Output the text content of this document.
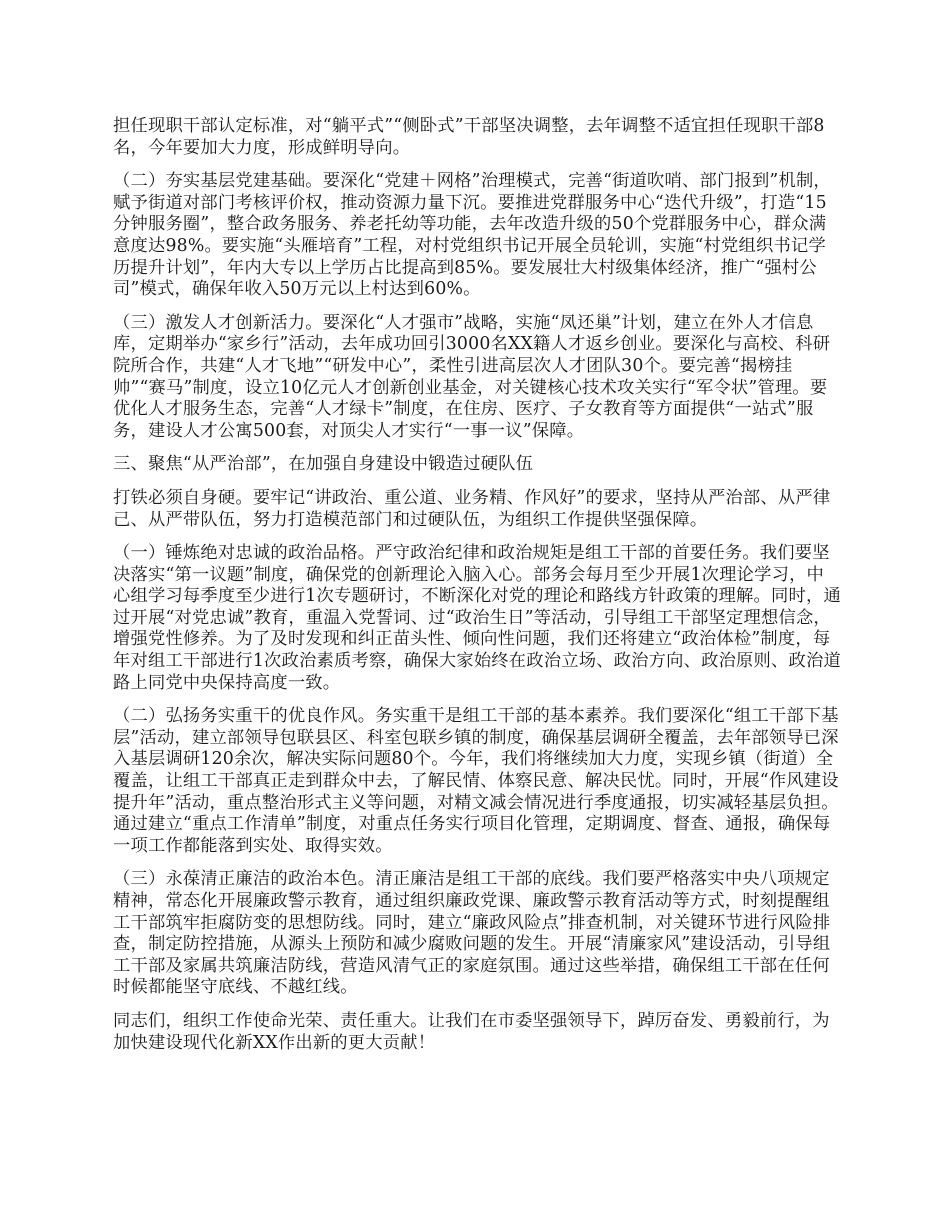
担任现职干部认定标准，对“躺平式”“侧卧式”干部坚决调整，去年调整不适宜担任现职干部8名，今年要加大力度，形成鲜明导向。

（二）夯实基层党建基础。要深化“党建＋网格”治理模式，完善“街道吹哨、部门报到”机制，赋予街道对部门考核评价权，推动资源力量下沉。要推进党群服务中心“迭代升级”，打造“15分钟服务圈”，整合政务服务、养老托幼等功能，去年改造升级的50个党群服务中心，群众满意度达98%。要实施“头雁培育”工程，对村党组织书记开展全员轮训，实施“村党组织书记学历提升计划”，年内大专以上学历占比提高到85%。要发展壮大村级集体经济，推广“强村公司”模式，确保年收入50万元以上村达到60%。

（三）激发人才创新活力。要深化“人才强市”战略，实施“凤还巢”计划，建立在外人才信息库，定期举办“家乡行”活动，去年成功回引3000名XX籍人才返乡创业。要深化与高校、科研院所合作，共建“人才飞地”“研发中心”，柔性引进高层次人才团队30个。要完善“揭榜挂帅”“赛马”制度，设立10亿元人才创新创业基金，对关键核心技术攻关实行“军令状”管理。要优化人才服务生态，完善“人才绿卡”制度，在住房、医疗、子女教育等方面提供“一站式”服务，建设人才公寓500套，对顶尖人才实行“一事一议”保障。

三、聚焦“从严治部”，在加强自身建设中锻造过硬队伍

打铁必须自身硬。要牢记“讲政治、重公道、业务精、作风好”的要求，坚持从严治部、从严律己、从严带队伍，努力打造模范部门和过硬队伍，为组织工作提供坚强保障。

（一）锤炼绝对忠诚的政治品格。严守政治纪律和政治规矩是组工干部的首要任务。我们要坚决落实“第一议题”制度，确保党的创新理论入脑入心。部务会每月至少开展1次理论学习，中心组学习每季度至少进行1次专题研讨，不断深化对党的理论和路线方针政策的理解。同时，通过开展“对党忠诚”教育，重温入党誓词、过“政治生日”等活动，引导组工干部坚定理想信念，增强党性修养。为了及时发现和纠正苗头性、倾向性问题，我们还将建立“政治体检”制度，每年对组工干部进行1次政治素质考察，确保大家始终在政治立场、政治方向、政治原则、政治道路上同党中央保持高度一致。

（二）弘扬务实重干的优良作风。务实重干是组工干部的基本素养。我们要深化“组工干部下基层”活动，建立部领导包联县区、科室包联乡镇的制度，确保基层调研全覆盖，去年部领导已深入基层调研120余次，解决实际问题80个。今年，我们将继续加大力度，实现乡镇（街道）全覆盖，让组工干部真正走到群众中去，了解民情、体察民意、解决民忧。同时，开展“作风建设提升年”活动，重点整治形式主义等问题，对精文减会情况进行季度通报，切实减轻基层负担。通过建立“重点工作清单”制度，对重点任务实行项目化管理，定期调度、督查、通报，确保每一项工作都能落到实处、取得实效。

（三）永葆清正廉洁的政治本色。清正廉洁是组工干部的底线。我们要严格落实中央八项规定精神，常态化开展廉政警示教育，通过组织廉政党课、廉政警示教育活动等方式，时刻提醒组工干部筑牢拒腐防变的思想防线。同时，建立“廉政风险点”排查机制，对关键环节进行风险排查，制定防控措施，从源头上预防和减少腐败问题的发生。开展“清廉家风”建设活动，引导组工干部及家属共筑廉洁防线，营造风清气正的家庭氛围。通过这些举措，确保组工干部在任何时候都能坚守底线、不越红线。

同志们，组织工作使命光荣、责任重大。让我们在市委坚强领导下，踔厉奋发、勇毅前行，为加快建设现代化新XX作出新的更大贡献！
